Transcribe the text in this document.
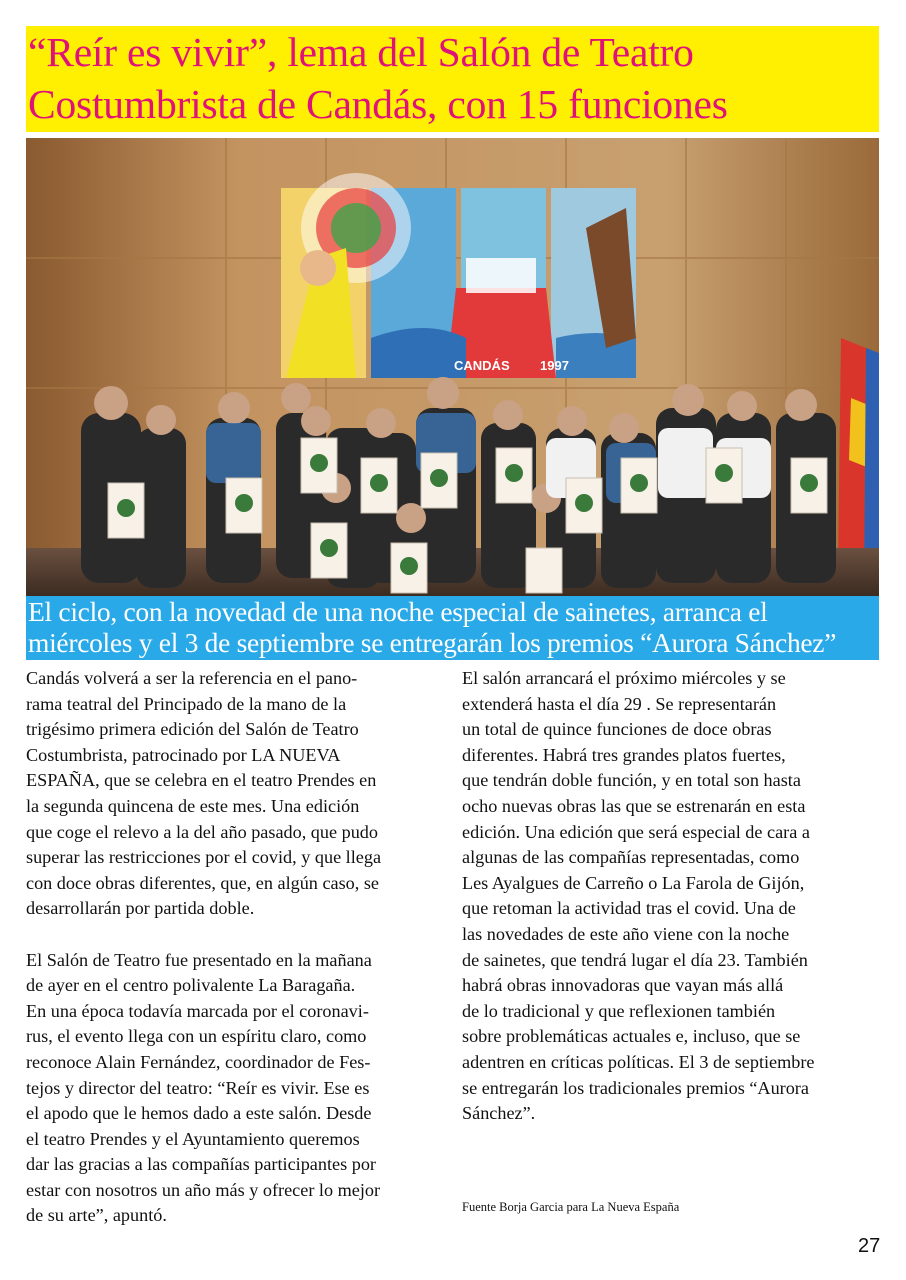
“Reír es vivir”, lema del Salón de Teatro
Costumbrista de Candás, con 15 funciones
CANDÁS 1997
El ciclo, con la novedad de una noche especial de sainetes, arranca el
miércoles y el 3 de septiembre se entregarán los premios “Aurora Sánchez”

Candás volverá a ser la referencia en el pano-
rama teatral del Principado de la mano de la
trigésimo primera edición del Salón de Teatro
Costumbrista, patrocinado por LA NUEVA
ESPAÑA, que se celebra en el teatro Prendes en
la segunda quincena de este mes. Una edición
que coge el relevo a la del año pasado, que pudo
superar las restricciones por el covid, y que llega
con doce obras diferentes, que, en algún caso, se
desarrollarán por partida doble.

El Salón de Teatro fue presentado en la mañana
de ayer en el centro polivalente La Baragaña.
En una época todavía marcada por el coronavi-
rus, el evento llega con un espíritu claro, como
reconoce Alain Fernández, coordinador de Fes-
tejos y director del teatro: “Reír es vivir. Ese es
el apodo que le hemos dado a este salón. Desde
el teatro Prendes y el Ayuntamiento queremos
dar las gracias a las compañías participantes por
estar con nosotros un año más y ofrecer lo mejor
de su arte”, apuntó.

El salón arrancará el próximo miércoles y se
extenderá hasta el día 29 . Se representarán
un total de quince funciones de doce obras
diferentes. Habrá tres grandes platos fuertes,
que tendrán doble función, y en total son hasta
ocho nuevas obras las que se estrenarán en esta
edición. Una edición que será especial de cara a
algunas de las compañías representadas, como
Les Ayalgues de Carreño o La Farola de Gijón,
que retoman la actividad tras el covid. Una de
las novedades de este año viene con la noche
de sainetes, que tendrá lugar el día 23. También
habrá obras innovadoras que vayan más allá
de lo tradicional y que reflexionen también
sobre problemáticas actuales e, incluso, que se
adentren en críticas políticas. El 3 de septiembre
se entregarán los tradicionales premios “Aurora
Sánchez”.

Fuente Borja Garcia para La Nueva España
27
